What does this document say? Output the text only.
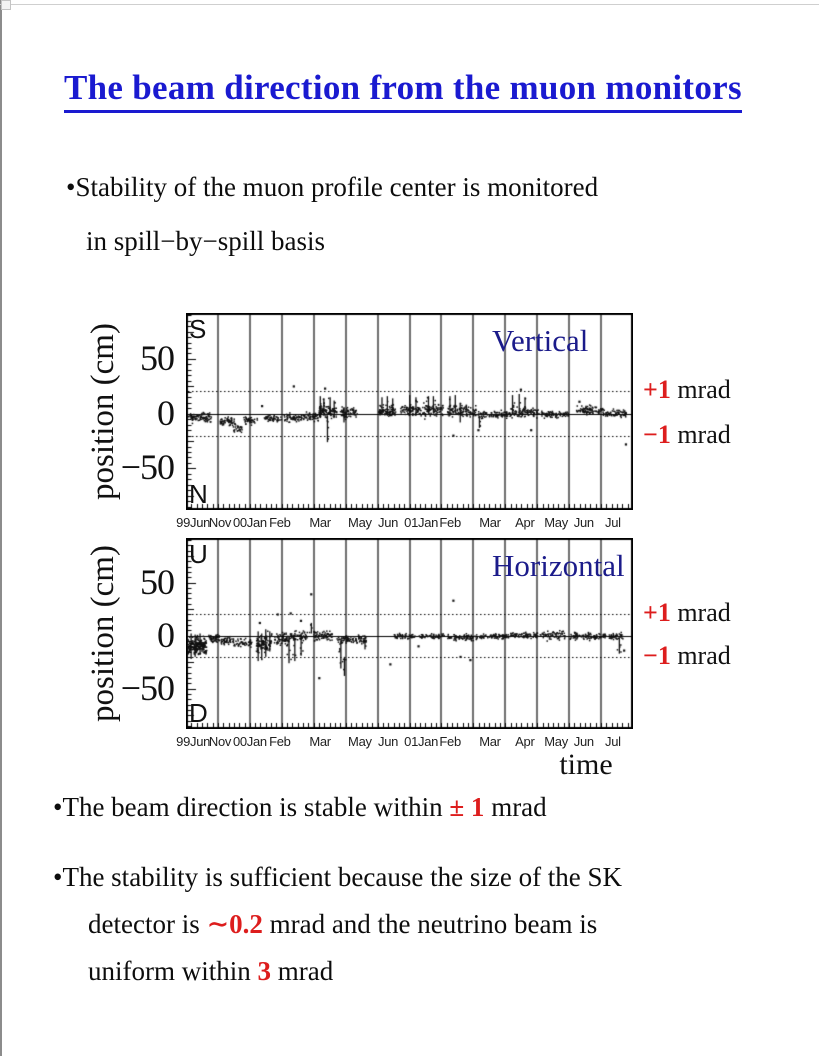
The beam direction from the muon monitors
•Stability of the muon profile center is monitored
in spill−by−spill basis
50
0
−50
position (cm)	S
N
Vertical
99Jun
Nov 00Jan Feb Mar May Jun 01Jan Feb Mar Apr May Jun Jul
+1 mrad
−1 mrad
50
0
−50
position (cm)	U
D
Horizontal
99Jun
Nov 00Jan Feb Mar May Jun 01Jan Feb Mar Apr May Jun Jul
+1 mrad
−1 mrad
time
•The beam direction is stable within ± 1 mrad
•The stability is sufficient because the size of the SK
detector is ∼0.2 mrad and the neutrino beam is
uniform within 3 mrad
